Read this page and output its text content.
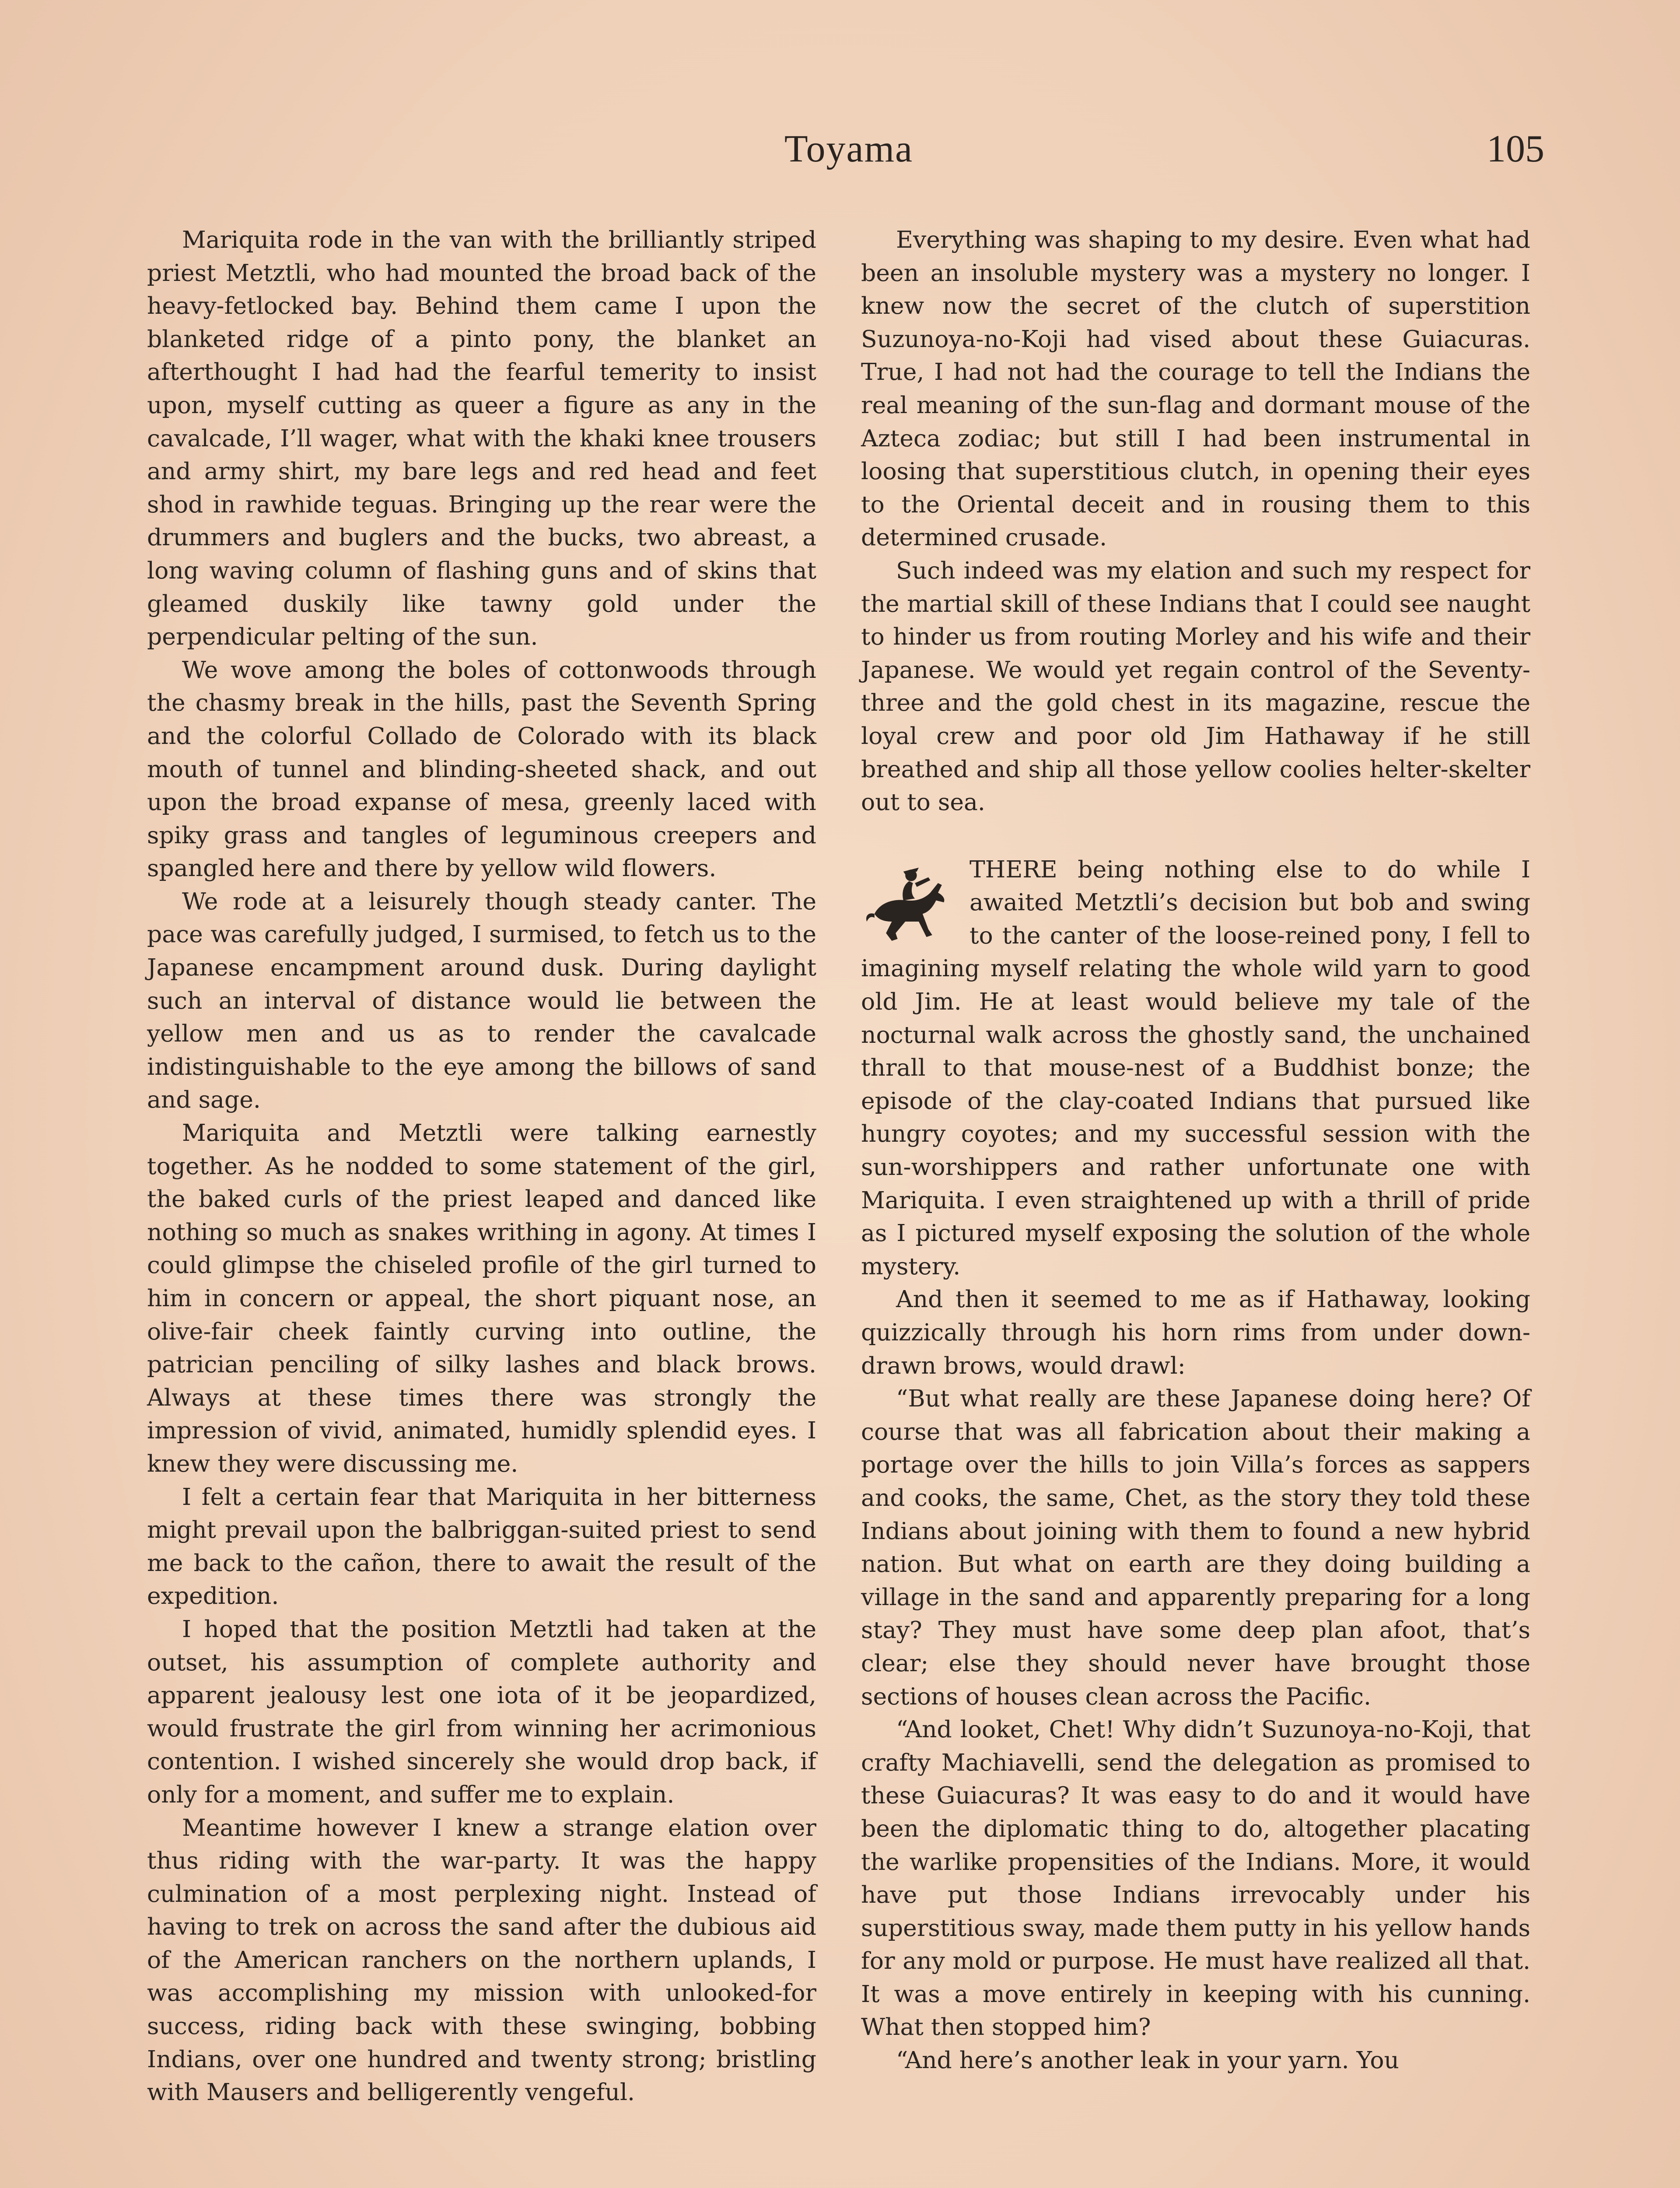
Toyama	105

Mariquita rode in the van with the brilliantly striped priest Metztli, who had mounted the broad back of the heavy-fetlocked bay. Behind them came I upon the blanketed ridge of a pinto pony, the blanket an afterthought I had had the fearful temerity to insist upon, myself cutting as queer a figure as any in the cavalcade, I’ll wager, what with the khaki knee trousers and army shirt, my bare legs and red head and feet shod in rawhide teguas. Bringing up the rear were the drummers and buglers and the bucks, two abreast, a long waving column of flashing guns and of skins that gleamed duskily like tawny gold under the perpendicular pelting of the sun.

We wove among the boles of cottonwoods through the chasmy break in the hills, past the Seventh Spring and the colorful Collado de Colorado with its black mouth of tunnel and blinding-sheeted shack, and out upon the broad expanse of mesa, greenly laced with spiky grass and tangles of leguminous creepers and spangled here and there by yellow wild flowers.

We rode at a leisurely though steady canter. The pace was carefully judged, I surmised, to fetch us to the Japanese encampment around dusk. During daylight such an interval of distance would lie between the yellow men and us as to render the cavalcade indistinguishable to the eye among the billows of sand and sage.

Mariquita and Metztli were talking earnestly together. As he nodded to some statement of the girl, the baked curls of the priest leaped and danced like nothing so much as snakes writhing in agony. At times I could glimpse the chiseled profile of the girl turned to him in concern or appeal, the short piquant nose, an olive-fair cheek faintly curving into outline, the patrician penciling of silky lashes and black brows. Always at these times there was strongly the impression of vivid, animated, humidly splendid eyes. I knew they were discussing me.

I felt a certain fear that Mariquita in her bitterness might prevail upon the balbriggan-suited priest to send me back to the cañon, there to await the result of the expedition.

I hoped that the position Metztli had taken at the outset, his assumption of complete authority and apparent jealousy lest one iota of it be jeopardized, would frustrate the girl from winning her acrimonious contention. I wished sincerely she would drop back, if only for a moment, and suffer me to explain.

Meantime however I knew a strange elation over thus riding with the war-party. It was the happy culmination of a most perplexing night. Instead of having to trek on across the sand after the dubious aid of the American ranchers on the northern uplands, I was accomplishing my mission with unlooked-for success, riding back with these swinging, bobbing Indians, over one hundred and twenty strong; bristling with Mausers and belligerently vengeful.

Everything was shaping to my desire. Even what had been an insoluble mystery was a mystery no longer. I knew now the secret of the clutch of superstition Suzunoya-no-Koji had vised about these Guiacuras. True, I had not had the courage to tell the Indians the real meaning of the sun-flag and dormant mouse of the Azteca zodiac; but still I had been instrumental in loosing that superstitious clutch, in opening their eyes to the Oriental deceit and in rousing them to this determined crusade.

Such indeed was my elation and such my respect for the martial skill of these Indians that I could see naught to hinder us from routing Morley and his wife and their Japanese. We would yet regain control of the Seventy-three and the gold chest in its magazine, rescue the loyal crew and poor old Jim Hathaway if he still breathed and ship all those yellow coolies helter-skelter out to sea.

THERE being nothing else to do while I awaited Metztli’s decision but bob and swing to the canter of the loose-reined pony, I fell to imagining myself relating the whole wild yarn to good old Jim. He at least would believe my tale of the nocturnal walk across the ghostly sand, the unchained thrall to that mouse-nest of a Buddhist bonze; the episode of the clay-coated Indians that pursued like hungry coyotes; and my successful session with the sun-worshippers and rather unfortunate one with Mariquita. I even straightened up with a thrill of pride as I pictured myself exposing the solution of the whole mystery.

And then it seemed to me as if Hathaway, looking quizzically through his horn rims from under down-drawn brows, would drawl:

“But what really are these Japanese doing here? Of course that was all fabrication about their making a portage over the hills to join Villa’s forces as sappers and cooks, the same, Chet, as the story they told these Indians about joining with them to found a new hybrid nation. But what on earth are they doing building a village in the sand and apparently preparing for a long stay? They must have some deep plan afoot, that’s clear; else they should never have brought those sections of houses clean across the Pacific.

“And looket, Chet! Why didn’t Suzunoya-no-Koji, that crafty Machiavelli, send the delegation as promised to these Guiacuras? It was easy to do and it would have been the diplomatic thing to do, altogether placating the warlike propensities of the Indians. More, it would have put those Indians irrevocably under his superstitious sway, made them putty in his yellow hands for any mold or purpose. He must have realized all that. It was a move entirely in keeping with his cunning. What then stopped him?

“And here’s another leak in your yarn. You
